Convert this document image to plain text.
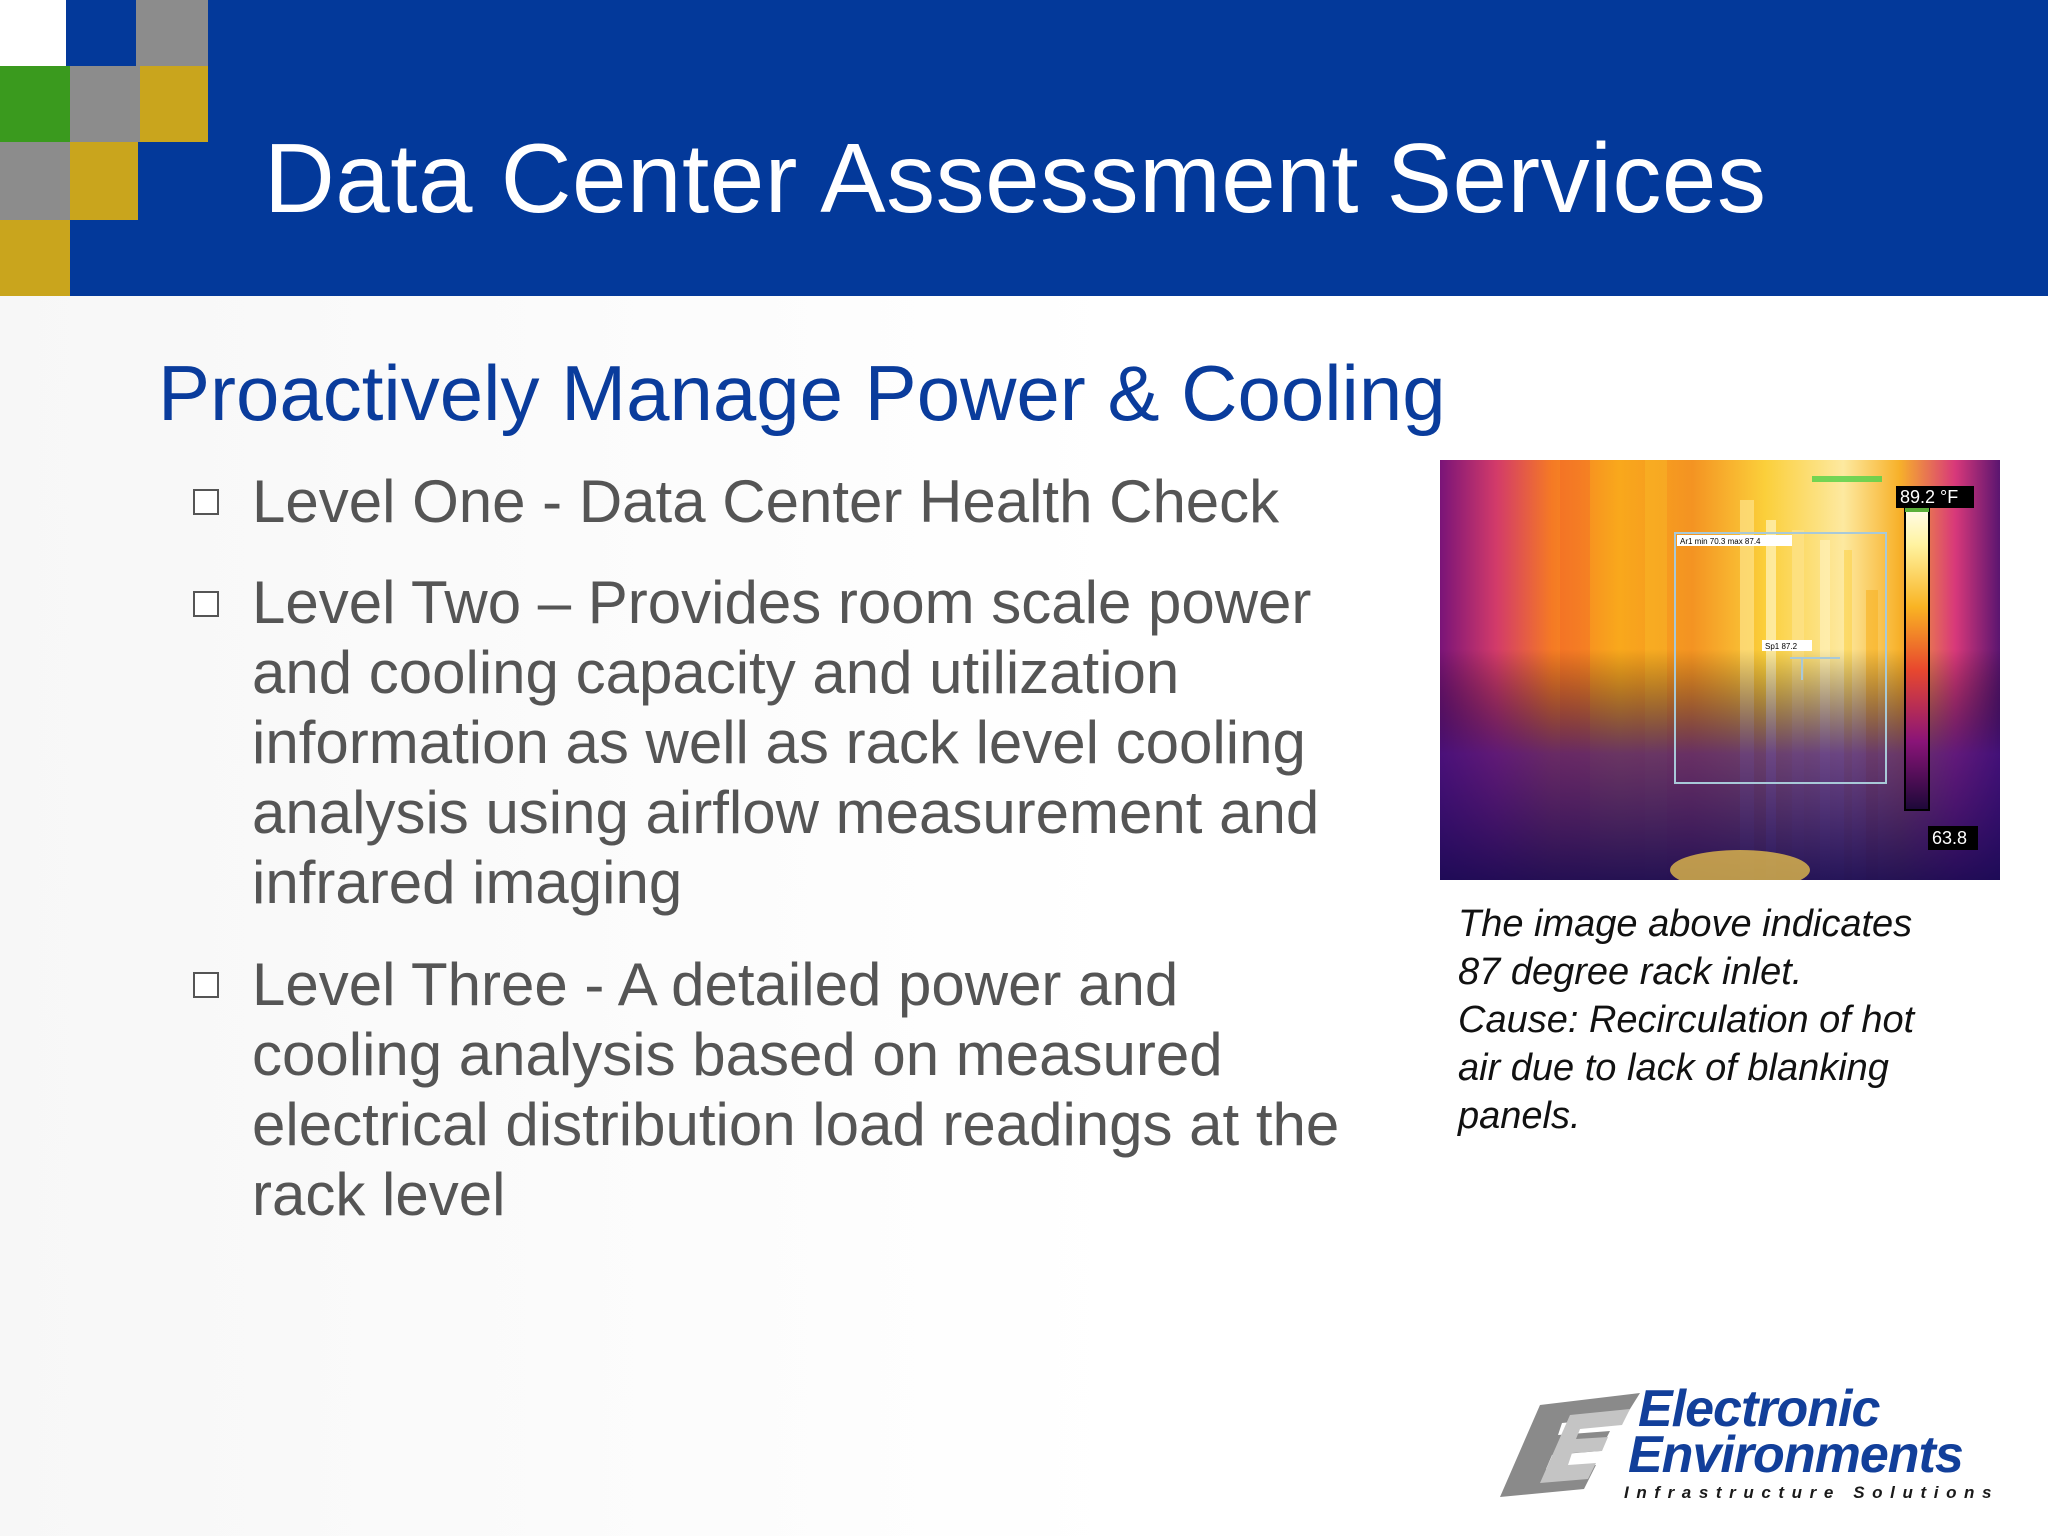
Data Center Assessment Services
Proactively Manage Power & Cooling
Level One - Data Center Health Check
Level Two – Provides room scale power
and cooling capacity and utilization
information as well as rack level cooling
analysis using airflow measurement and
infrared imaging
Level Three - A detailed power and
cooling analysis based on measured
electrical distribution load readings at the
rack level
Ar1 min 70.3 max 87.4
Sp1 87.2
89.2 °F
63.8
The image above indicates
87 degree rack inlet.
Cause: Recirculation of hot
air due to lack of blanking
panels.
Electronic
Environments
Infrastructure Solutions
